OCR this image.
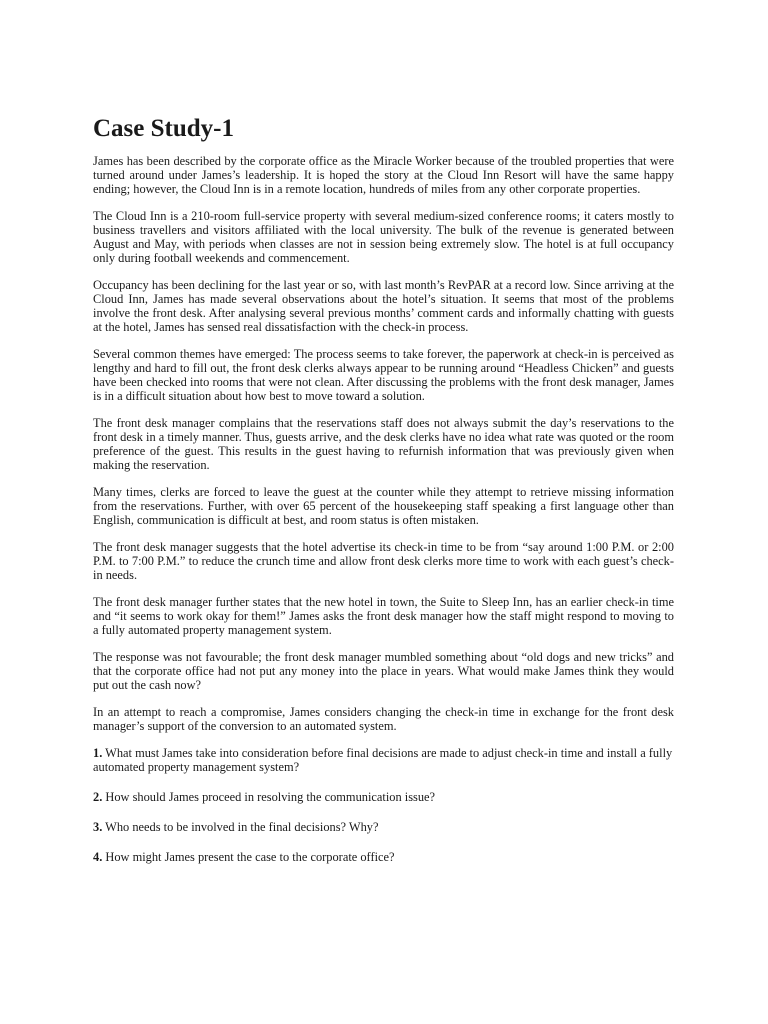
Case Study-1

James has been described by the corporate office as the Miracle Worker because of the troubled properties that were turned around under James’s leadership. It is hoped the story at the Cloud Inn Resort will have the same happy ending; however, the Cloud Inn is in a remote location, hundreds of miles from any other corporate properties.

The Cloud Inn is a 210-room full-service property with several medium-sized conference rooms; it caters mostly to business travellers and visitors affiliated with the local university. The bulk of the revenue is generated between August and May, with periods when classes are not in session being extremely slow. The hotel is at full occupancy only during football weekends and commencement.

Occupancy has been declining for the last year or so, with last month’s RevPAR at a record low. Since arriving at the Cloud Inn, James has made several observations about the hotel’s situation. It seems that most of the problems involve the front desk. After analysing several previous months’ comment cards and informally chatting with guests at the hotel, James has sensed real dissatisfaction with the check-in process.

Several common themes have emerged: The process seems to take forever, the paperwork at check-in is perceived as lengthy and hard to fill out, the front desk clerks always appear to be running around “Headless Chicken” and guests have been checked into rooms that were not clean. After discussing the problems with the front desk manager, James is in a difficult situation about how best to move toward a solution.

The front desk manager complains that the reservations staff does not always submit the day’s reservations to the front desk in a timely manner. Thus, guests arrive, and the desk clerks have no idea what rate was quoted or the room preference of the guest. This results in the guest having to refurnish information that was previously given when making the reservation.

Many times, clerks are forced to leave the guest at the counter while they attempt to retrieve missing information from the reservations. Further, with over 65 percent of the housekeeping staff speaking a first language other than English, communication is difficult at best, and room status is often mistaken.

The front desk manager suggests that the hotel advertise its check-in time to be from “say around 1:00 P.M. or 2:00 P.M. to 7:00 P.M.” to reduce the crunch time and allow front desk clerks more time to work with each guest’s check-in needs.

The front desk manager further states that the new hotel in town, the Suite to Sleep Inn, has an earlier check-in time and “it seems to work okay for them!” James asks the front desk manager how the staff might respond to moving to a fully automated property management system.

The response was not favourable; the front desk manager mumbled something about “old dogs and new tricks” and that the corporate office had not put any money into the place in years. What would make James think they would put out the cash now?

In an attempt to reach a compromise, James considers changing the check-in time in exchange for the front desk manager’s support of the conversion to an automated system.

1. What must James take into consideration before final decisions are made to adjust check-in time and install a fully automated property management system?

2. How should James proceed in resolving the communication issue?

3. Who needs to be involved in the final decisions? Why?

4. How might James present the case to the corporate office?
